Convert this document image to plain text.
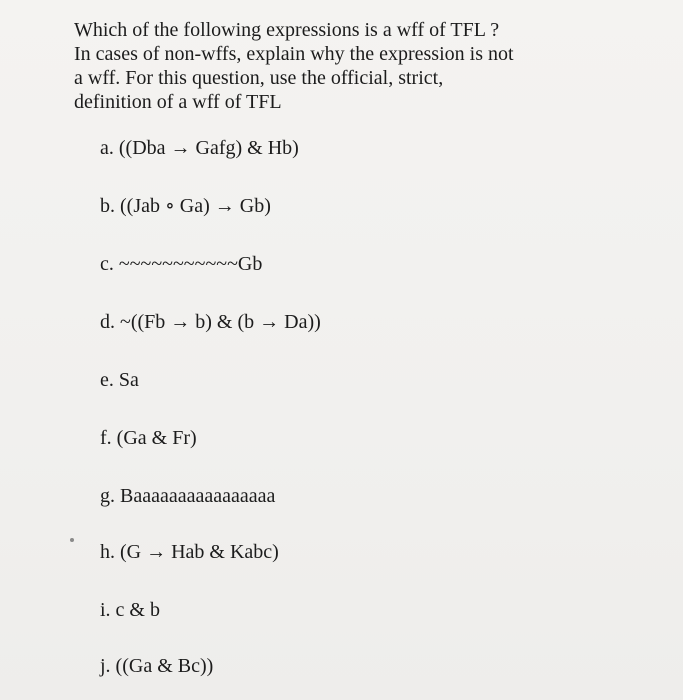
Which of the following expressions is a wff of TFL ?
In cases of non-wffs, explain why the expression is not
a wff. For this question, use the official, strict,
definition of a wff of TFL
a. ((Dba → Gafg) & Hb)
b. ((Jab ∘ Ga) → Gb)
c. ~~~~~~~~~~~Gb
d. ~((Fb → b) & (b → Da))
e. Sa
f. (Ga & Fr)
g. Baaaaaaaaaaaaaaaa
h. (G → Hab & Kabc)
i. c & b
j. ((Ga & Bc))
